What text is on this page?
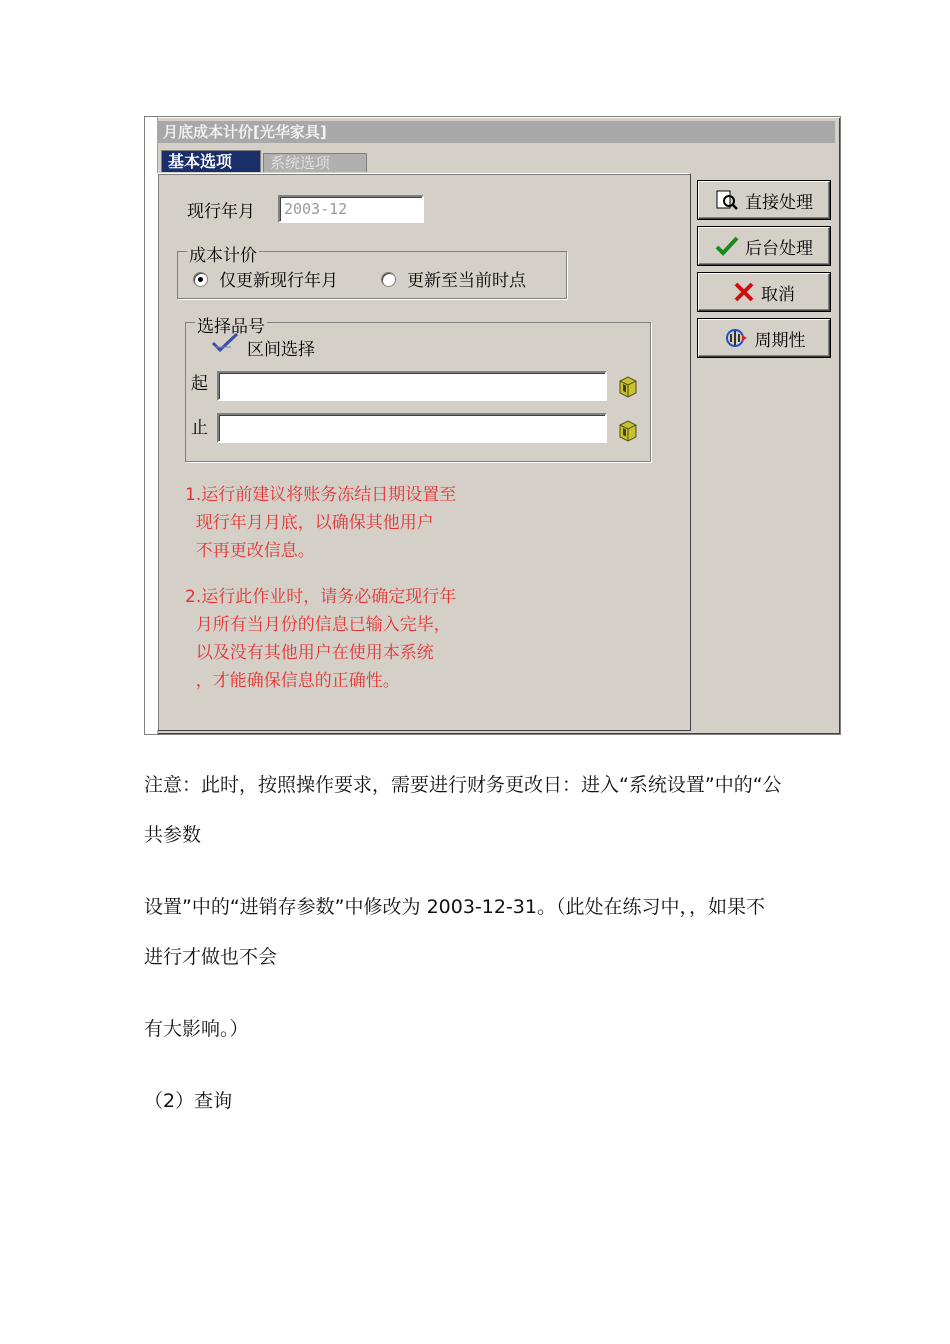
月底成本计价[光华家具]
基本选项	系统选项
现行年月	2003-12
成本计价
仅更新现行年月	更新至当前时点
选择品号
区间选择
起
止
1.运行前建议将账务冻结日期设置至
现行年月月底，以确保其他用户
不再更改信息。
2.运行此作业时，请务必确定现行年
月所有当月份的信息已输入完毕，
以及没有其他用户在使用本系统
，才能确保信息的正确性。
直接处理
后台处理
取消
周期性
注意：此时，按照操作要求，需要进行财务更改日：进入“系统设置”中的“公
共参数
设置”中的“进销存参数”中修改为 2003-12-31。（此处在练习中，，如果不
进行才做也不会
有大影响。）
（2）查询
